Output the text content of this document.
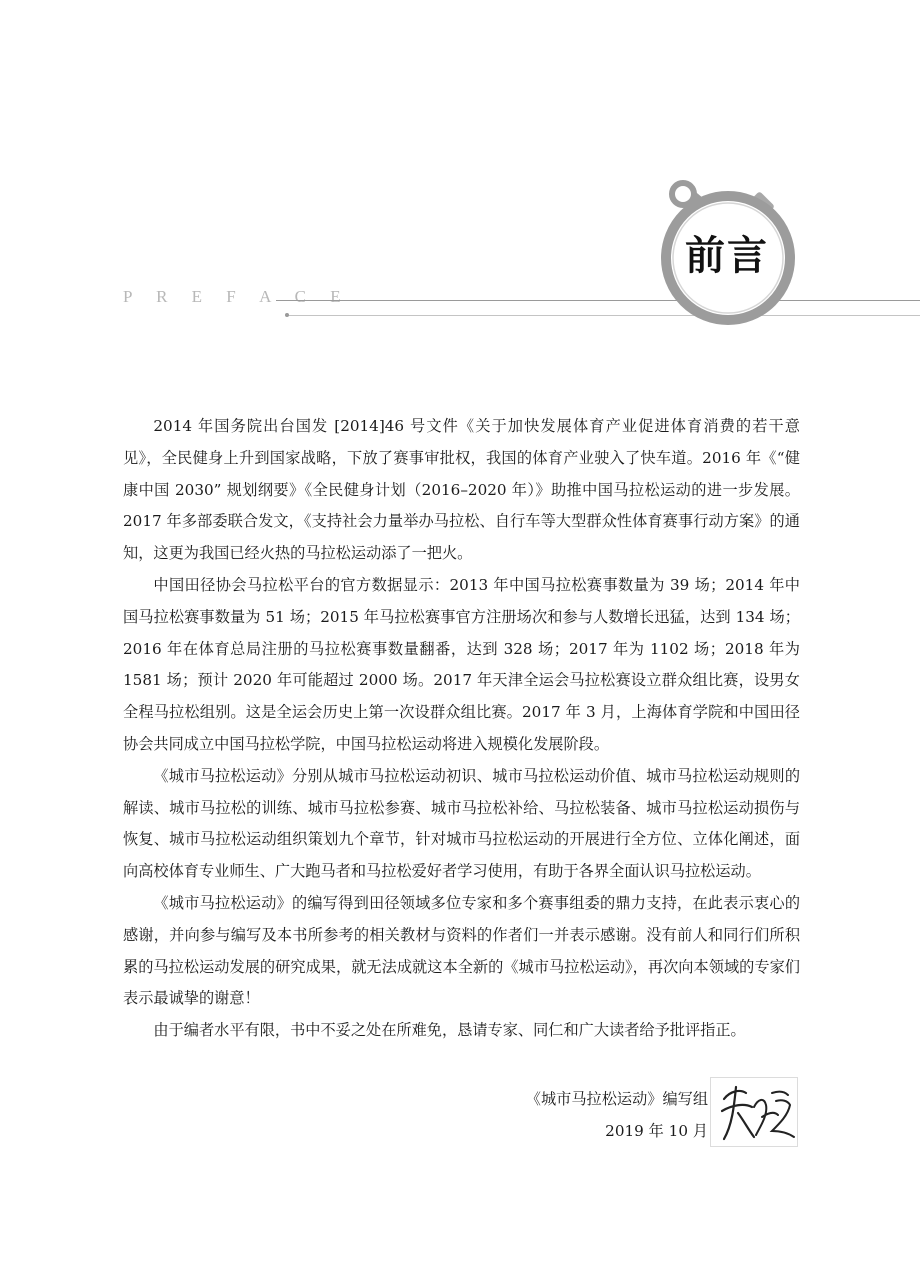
P R E F A C E
前言

2014 年国务院出台国发 [2014]46 号文件《关于加快发展体育产业促进体育消费的若干意见》，全民健身上升到国家战略，下放了赛事审批权，我国的体育产业驶入了快车道。2016 年《“健康中国 2030” 规划纲要》《全民健身计划（2016–2020 年）》助推中国马拉松运动的进一步发展。2017 年多部委联合发文，《支持社会力量举办马拉松、自行车等大型群众性体育赛事行动方案》的通知，这更为我国已经火热的马拉松运动添了一把火。

中国田径协会马拉松平台的官方数据显示：2013 年中国马拉松赛事数量为 39 场；2014 年中国马拉松赛事数量为 51 场；2015 年马拉松赛事官方注册场次和参与人数增长迅猛，达到 134 场；2016 年在体育总局注册的马拉松赛事数量翻番，达到 328 场；2017 年为 1102 场；2018 年为 1581 场；预计 2020 年可能超过 2000 场。2017 年天津全运会马拉松赛设立群众组比赛，设男女全程马拉松组别。这是全运会历史上第一次设群众组比赛。2017 年 3 月，上海体育学院和中国田径协会共同成立中国马拉松学院，中国马拉松运动将进入规模化发展阶段。

《城市马拉松运动》分别从城市马拉松运动初识、城市马拉松运动价值、城市马拉松运动规则的解读、城市马拉松的训练、城市马拉松参赛、城市马拉松补给、马拉松装备、城市马拉松运动损伤与恢复、城市马拉松运动组织策划九个章节，针对城市马拉松运动的开展进行全方位、立体化阐述，面向高校体育专业师生、广大跑马者和马拉松爱好者学习使用，有助于各界全面认识马拉松运动。

《城市马拉松运动》的编写得到田径领域多位专家和多个赛事组委的鼎力支持，在此表示衷心的感谢，并向参与编写及本书所参考的相关教材与资料的作者们一并表示感谢。没有前人和同行们所积累的马拉松运动发展的研究成果，就无法成就这本全新的《城市马拉松运动》，再次向本领域的专家们表示最诚挚的谢意！

由于编者水平有限，书中不妥之处在所难免，恳请专家、同仁和广大读者给予批评指正。

《城市马拉松运动》编写组
2019 年 10 月
